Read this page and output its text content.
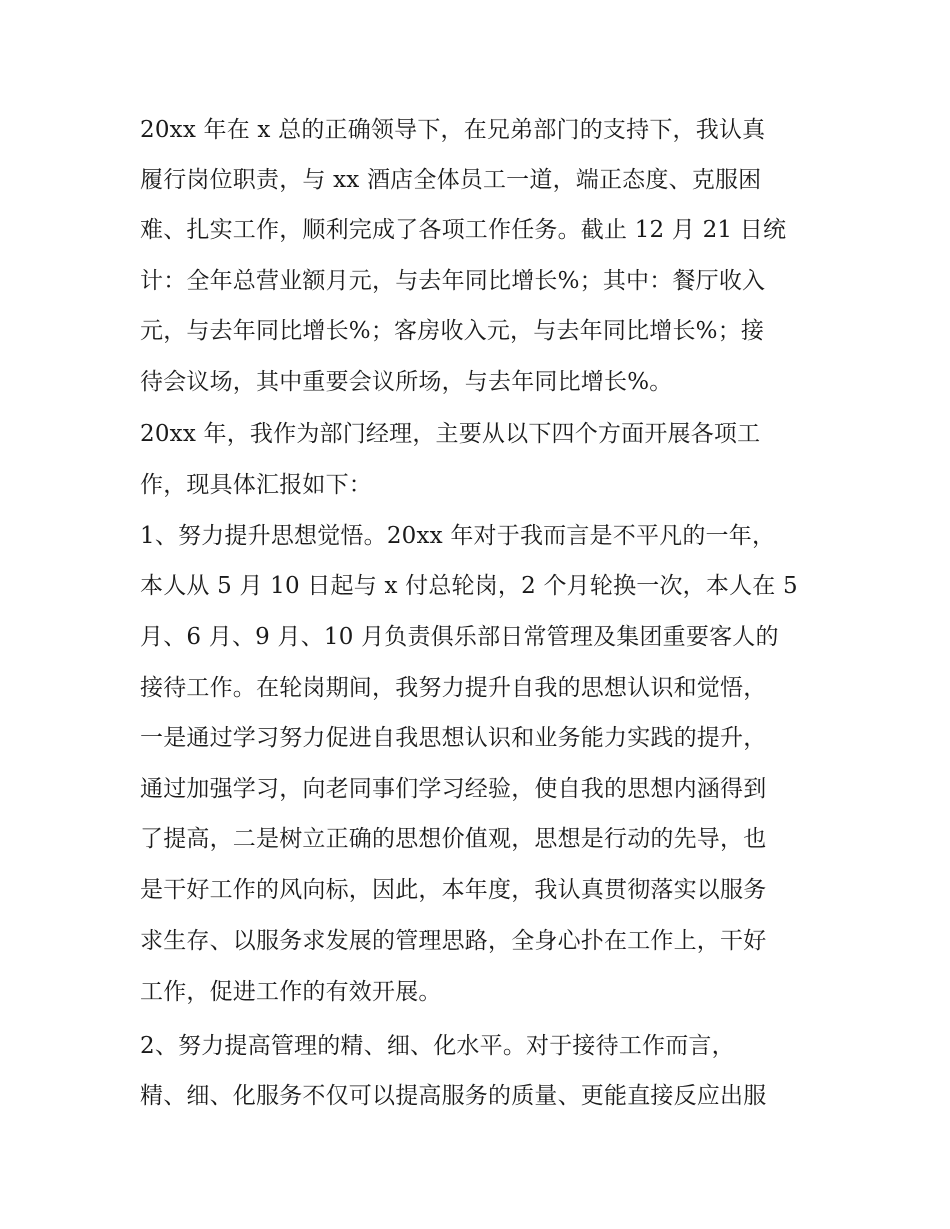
20xx 年在 x 总的正确领导下，在兄弟部门的支持下，我认真
履行岗位职责，与 xx 酒店全体员工一道，端正态度、克服困
难、扎实工作，顺利完成了各项工作任务。截止 12 月 21 日统
计：全年总营业额月元，与去年同比增长%；其中：餐厅收入
元，与去年同比增长%；客房收入元，与去年同比增长%；接
待会议场，其中重要会议所场，与去年同比增长%。
20xx 年，我作为部门经理，主要从以下四个方面开展各项工
作，现具体汇报如下：
1、努力提升思想觉悟。20xx 年对于我而言是不平凡的一年，
本人从 5 月 10 日起与 x 付总轮岗，2 个月轮换一次，本人在 5
月、6 月、9 月、10 月负责俱乐部日常管理及集团重要客人的
接待工作。在轮岗期间，我努力提升自我的思想认识和觉悟，
一是通过学习努力促进自我思想认识和业务能力实践的提升，
通过加强学习，向老同事们学习经验，使自我的思想内涵得到
了提高，二是树立正确的思想价值观，思想是行动的先导，也
是干好工作的风向标，因此，本年度，我认真贯彻落实以服务
求生存、以服务求发展的管理思路，全身心扑在工作上，干好
工作，促进工作的有效开展。
2、努力提高管理的精、细、化水平。对于接待工作而言，
精、细、化服务不仅可以提高服务的质量、更能直接反应出服
